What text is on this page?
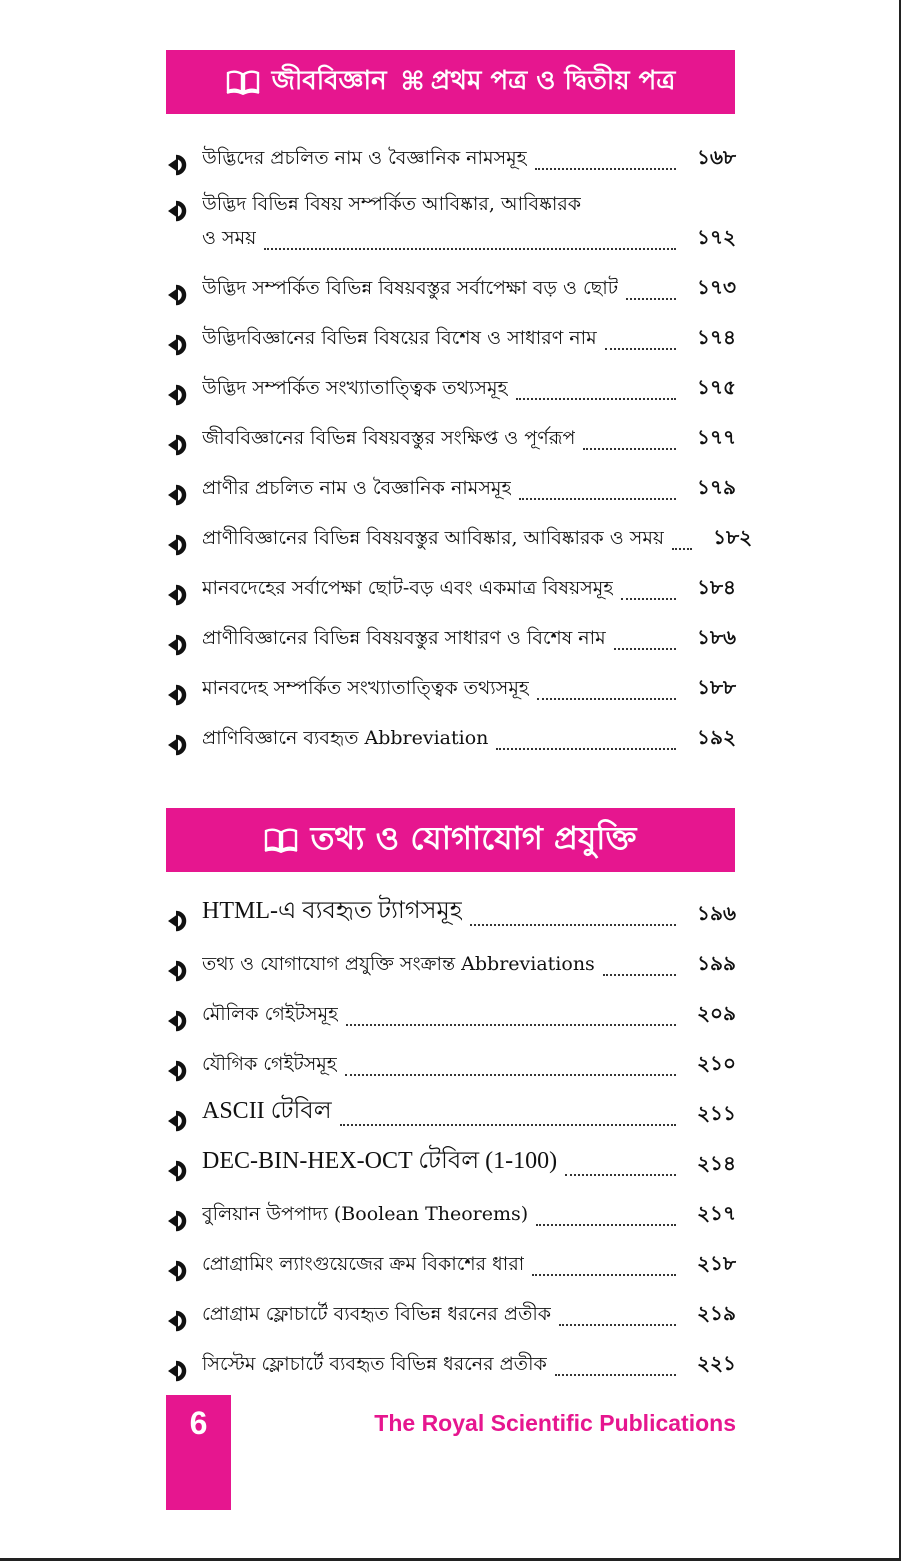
জীববিজ্ঞান ⌘ প্রথম পত্র ও দ্বিতীয় পত্র
উদ্ভিদের প্রচলিত নাম ও বৈজ্ঞানিক নামসমূহ	১৬৮
উদ্ভিদ বিভিন্ন বিষয় সম্পর্কিত আবিষ্কার, আবিষ্কারক
ও সময়	১৭২
উদ্ভিদ সম্পর্কিত বিভিন্ন বিষয়বস্তুর সর্বাপেক্ষা বড় ও ছোট	১৭৩
উদ্ভিদবিজ্ঞানের বিভিন্ন বিষয়ের বিশেষ ও সাধারণ নাম	১৭৪
উদ্ভিদ সম্পর্কিত সংখ্যাতাত্ত্বিক তথ্যসমূহ	১৭৫
জীববিজ্ঞানের বিভিন্ন বিষয়বস্তুর সংক্ষিপ্ত ও পূর্ণরূপ	১৭৭
প্রাণীর প্রচলিত নাম ও বৈজ্ঞানিক নামসমূহ	১৭৯
প্রাণীবিজ্ঞানের বিভিন্ন বিষয়বস্তুর আবিষ্কার, আবিষ্কারক ও সময়	১৮২
মানবদেহের সর্বাপেক্ষা ছোট-বড় এবং একমাত্র বিষয়সমূহ	১৮৪
প্রাণীবিজ্ঞানের বিভিন্ন বিষয়বস্তুর সাধারণ ও বিশেষ নাম	১৮৬
মানবদেহ সম্পর্কিত সংখ্যাতাত্ত্বিক তথ্যসমূহ	১৮৮
প্রাণিবিজ্ঞানে ব্যবহৃত Abbreviation	১৯২
তথ্য ও যোগাযোগ প্রযুক্তি
HTML-এ ব্যবহৃত ট্যাগসমূহ	১৯৬
তথ্য ও যোগাযোগ প্রযুক্তি সংক্রান্ত Abbreviations	১৯৯
মৌলিক গেইটসমূহ	২০৯
যৌগিক গেইটসমূহ	২১০
ASCII টেবিল	২১১
DEC-BIN-HEX-OCT টেবিল (1-100)	২১৪
বুলিয়ান উপপাদ্য (Boolean Theorems)	২১৭
প্রোগ্রামিং ল্যাংগুয়েজের ক্রম বিকাশের ধারা	২১৮
প্রোগ্রাম ফ্লোচার্টে ব্যবহৃত বিভিন্ন ধরনের প্রতীক	২১৯
সিস্টেম ফ্লোচার্টে ব্যবহৃত বিভিন্ন ধরনের প্রতীক	২২১
6	The Royal Scientific Publications
